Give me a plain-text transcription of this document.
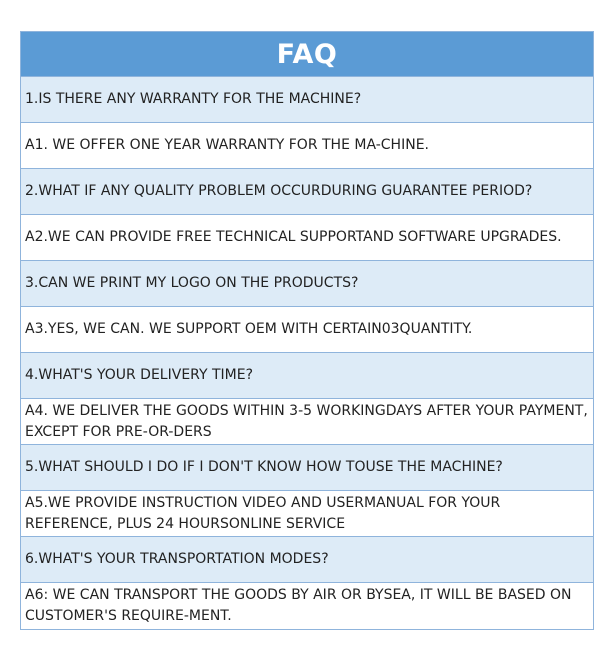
FAQ
1.IS THERE ANY WARRANTY FOR THE MACHINE?
A1. WE OFFER ONE YEAR WARRANTY FOR THE MA-CHINE.
2.WHAT IF ANY QUALITY PROBLEM OCCURDURING GUARANTEE PERIOD?
A2.WE CAN PROVIDE FREE TECHNICAL SUPPORTAND SOFTWARE UPGRADES.
3.CAN WE PRINT MY LOGO ON THE PRODUCTS?
A3.YES, WE CAN. WE SUPPORT OEM WITH CERTAIN03QUANTITY.
4.WHAT'S YOUR DELIVERY TIME?
A4. WE DELIVER THE GOODS WITHIN 3-5 WORKINGDAYS AFTER YOUR PAYMENT, EXCEPT FOR PRE-OR-DERS
5.WHAT SHOULD I DO IF I DON'T KNOW HOW TOUSE THE MACHINE?
A5.WE PROVIDE INSTRUCTION VIDEO AND USERMANUAL FOR YOUR REFERENCE, PLUS 24 HOURSONLINE SERVICE
6.WHAT'S YOUR TRANSPORTATION MODES?
A6: WE CAN TRANSPORT THE GOODS BY AIR OR BYSEA, IT WILL BE BASED ON CUSTOMER'S REQUIRE-MENT.
